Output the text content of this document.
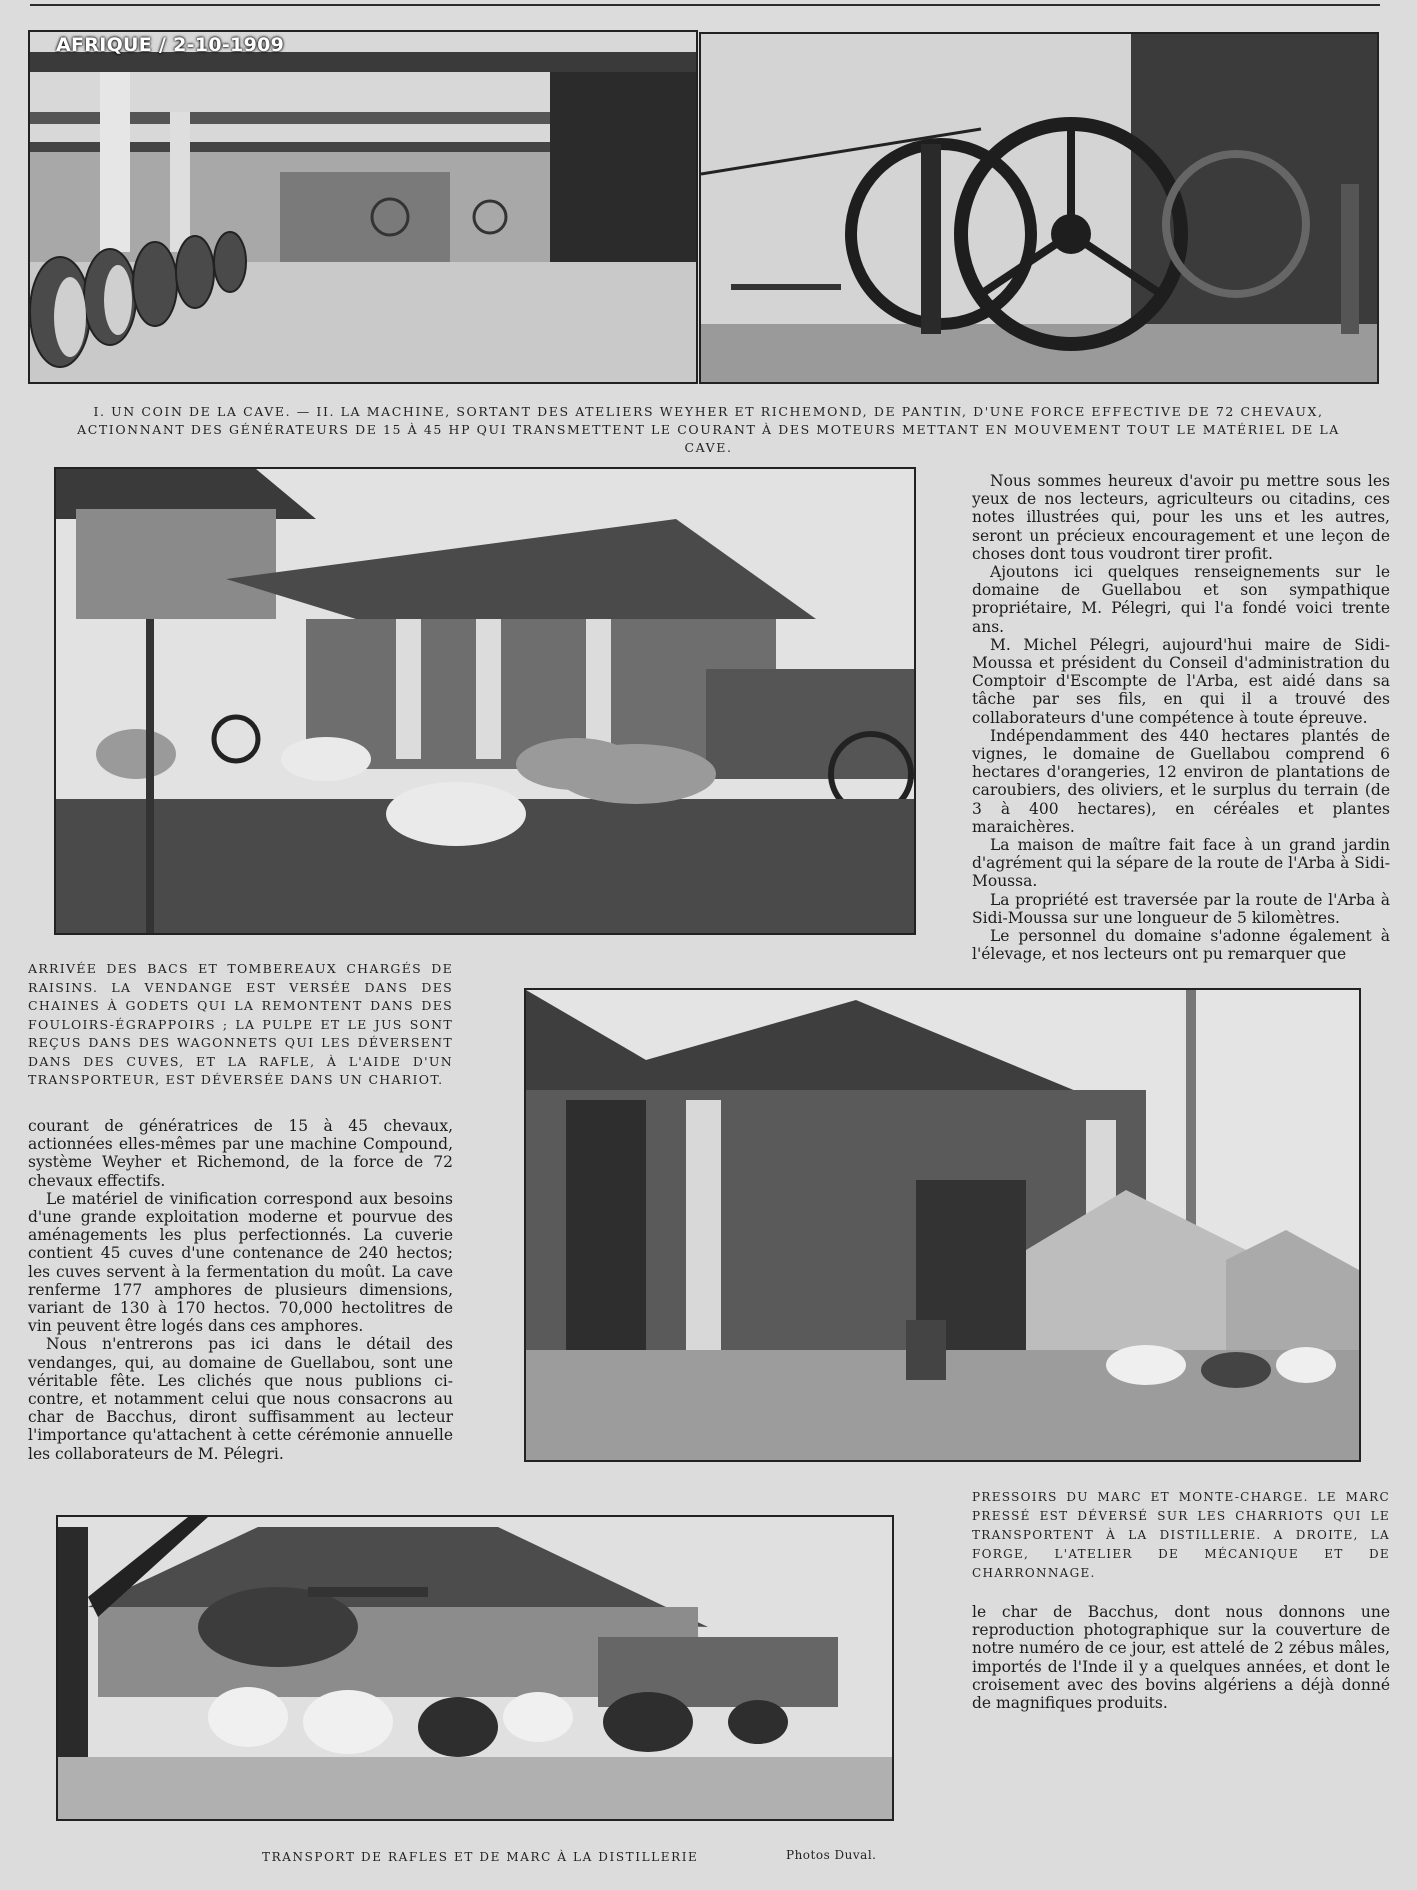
AFRIQUE / 2-10-1909
I. UN COIN DE LA CAVE. — II. LA MACHINE, SORTANT DES ATELIERS WEYHER ET RICHEMOND, DE PANTIN, D'UNE FORCE EFFECTIVE DE 72 CHEVAUX, ACTIONNANT DES GÉNÉRATEURS DE 15 À 45 HP QUI TRANSMETTENT LE COURANT À DES MOTEURS METTANT EN MOUVEMENT TOUT LE MATÉRIEL DE LA CAVE.

Nous sommes heureux d'avoir pu mettre sous les yeux de nos lecteurs, agriculteurs ou citadins, ces notes illustrées qui, pour les uns et les autres, seront un précieux encouragement et une leçon de choses dont tous voudront tirer profit.

Ajoutons ici quelques renseignements sur le domaine de Guellabou et son sympathique propriétaire, M. Pélegri, qui l'a fondé voici trente ans.

M. Michel Pélegri, aujourd'hui maire de Sidi-Moussa et président du Conseil d'administration du Comptoir d'Escompte de l'Arba, est aidé dans sa tâche par ses fils, en qui il a trouvé des collaborateurs d'une compétence à toute épreuve.

Indépendamment des 440 hectares plantés de vignes, le domaine de Guellabou comprend 6 hectares d'orangeries, 12 environ de plantations de caroubiers, des oliviers, et le surplus du terrain (de 3 à 400 hectares), en céréales et plantes maraichères.

La maison de maître fait face à un grand jardin d'agrément qui la sépare de la route de l'Arba à Sidi-Moussa.

La propriété est traversée par la route de l'Arba à Sidi-Moussa sur une longueur de 5 kilomètres.

Le personnel du domaine s'adonne également à l'élevage, et nos lecteurs ont pu remarquer que

ARRIVÉE DES BACS ET TOMBEREAUX CHARGÉS DE RAISINS. LA VENDANGE EST VERSÉE DANS DES CHAINES À GODETS QUI LA REMONTENT DANS DES FOULOIRS-ÉGRAPPOIRS ; LA PULPE ET LE JUS SONT REÇUS DANS DES WAGONNETS QUI LES DÉVERSENT DANS DES CUVES, ET LA RAFLE, À L'AIDE D'UN TRANSPORTEUR, EST DÉVERSÉE DANS UN CHARIOT.

courant de génératrices de 15 à 45 chevaux, actionnées elles-mêmes par une machine Compound, système Weyher et Richemond, de la force de 72 chevaux effectifs.

Le matériel de vinification correspond aux besoins d'une grande exploitation moderne et pourvue des aménagements les plus perfectionnés. La cuverie contient 45 cuves d'une contenance de 240 hectos; les cuves servent à la fermentation du moût. La cave renferme 177 amphores de plusieurs dimensions, variant de 130 à 170 hectos. 70,000 hectolitres de vin peuvent être logés dans ces amphores.

Nous n'entrerons pas ici dans le détail des vendanges, qui, au domaine de Guellabou, sont une véritable fête. Les clichés que nous publions ci-contre, et notamment celui que nous consacrons au char de Bacchus, diront suffisamment au lecteur l'importance qu'attachent à cette cérémonie annuelle les collaborateurs de M. Pélegri.

PRESSOIRS DU MARC ET MONTE-CHARGE. LE MARC PRESSÉ EST DÉVERSÉ SUR LES CHARRIOTS QUI LE TRANSPORTENT À LA DISTILLERIE. A DROITE, LA FORGE, L'ATELIER DE MÉCANIQUE ET DE CHARRONNAGE.

le char de Bacchus, dont nous donnons une reproduction photographique sur la couverture de notre numéro de ce jour, est attelé de 2 zébus mâles, importés de l'Inde il y a quelques années, et dont le croisement avec des bovins algériens a déjà donné de magnifiques produits.

TRANSPORT DE RAFLES ET DE MARC À LA DISTILLERIE	Photos Duval.
